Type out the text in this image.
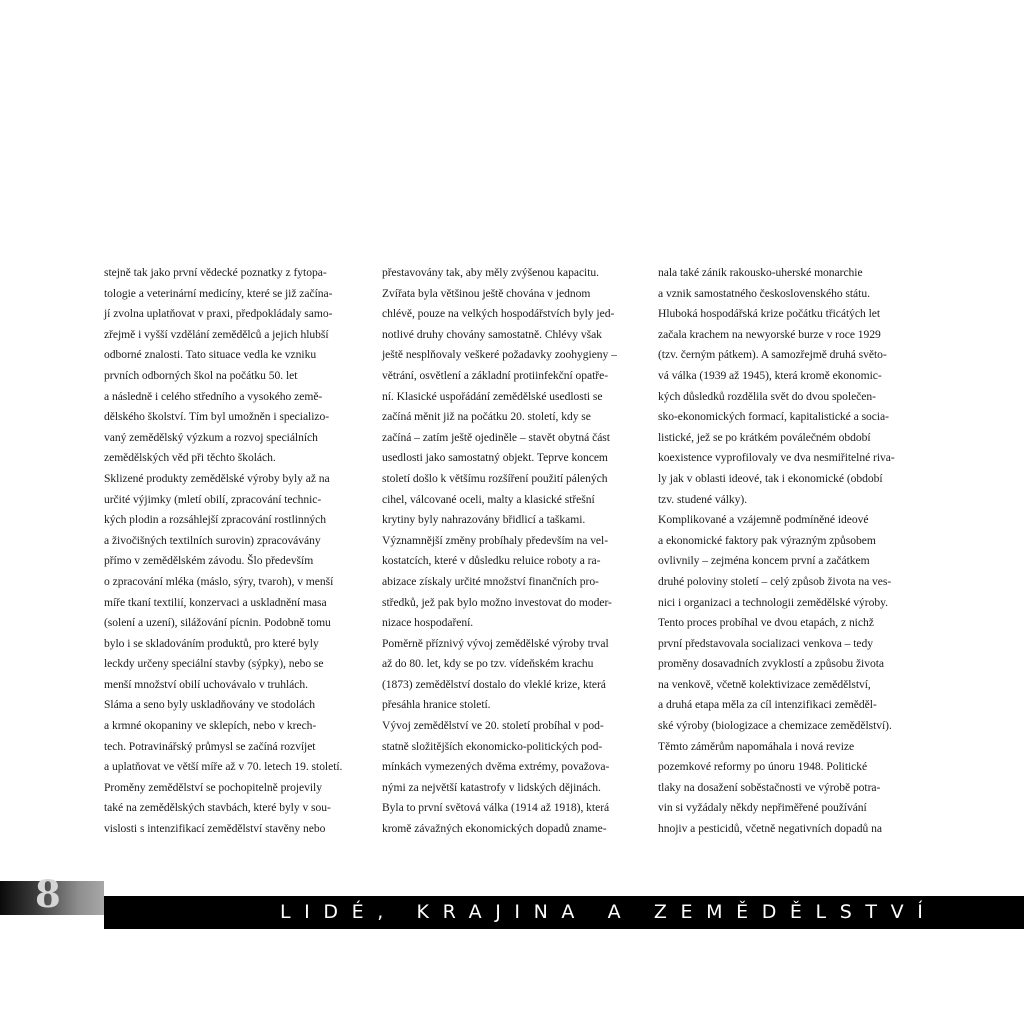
stejně tak jako první vědecké poznatky z fytopa-
tologie a veterinární medicíny, které se již začína-
jí zvolna uplatňovat v praxi, předpokládaly samo-
zřejmě i vyšší vzdělání zemědělců a jejich hlubší
odborné znalosti. Tato situace vedla ke vzniku
prvních odborných škol na počátku 50. let
a následně i celého středního a vysokého země-
dělského školství. Tím byl umožněn i specializo-
vaný zemědělský výzkum a rozvoj speciálních
zemědělských věd při těchto školách.
Sklizené produkty zemědělské výroby byly až na
určité výjimky (mletí obilí, zpracování technic-
kých plodin a rozsáhlejší zpracování rostlinných
a živočišných textilních surovin) zpracovávány
přímo v zemědělském závodu. Šlo především
o zpracování mléka (máslo, sýry, tvaroh), v menší
míře tkaní textilií, konzervaci a uskladnění masa
(solení a uzení), silážování pícnin. Podobně tomu
bylo i se skladováním produktů, pro které byly
leckdy určeny speciální stavby (sýpky), nebo se
menší množství obilí uchovávalo v truhlách.
Sláma a seno byly uskladňovány ve stodolách
a krmné okopaniny ve sklepích, nebo v krech-
tech. Potravinářský průmysl se začíná rozvíjet
a uplatňovat ve větší míře až v 70. letech 19. století.
Proměny zemědělství se pochopitelně projevily
také na zemědělských stavbách, které byly v sou-
vislosti s intenzifikací zemědělství stavěny nebo
přestavovány tak, aby měly zvýšenou kapacitu.
Zvířata byla většinou ještě chována v jednom
chlévě, pouze na velkých hospodářstvích byly jed-
notlivé druhy chovány samostatně. Chlévy však
ještě nesplňovaly veškeré požadavky zoohygieny –
větrání, osvětlení a základní protiinfekční opatře-
ní. Klasické uspořádání zemědělské usedlosti se
začíná měnit již na počátku 20. století, kdy se
začíná – zatím ještě ojediněle – stavět obytná část
usedlosti jako samostatný objekt. Teprve koncem
století došlo k většímu rozšíření použití pálených
cihel, válcované oceli, malty a klasické střešní
krytiny byly nahrazovány břidlicí a taškami.
Významnější změny probíhaly především na vel-
kostatcích, které v důsledku reluice roboty a ra-
abizace získaly určité množství finančních pro-
středků, jež pak bylo možno investovat do moder-
nizace hospodaření.
Poměrně příznivý vývoj zemědělské výroby trval
až do 80. let, kdy se po tzv. vídeňském krachu
(1873) zemědělství dostalo do vleklé krize, která
přesáhla hranice století.
Vývoj zemědělství ve 20. století probíhal v pod-
statně složitějších ekonomicko-politických pod-
mínkách vymezených dvěma extrémy, považova-
nými za největší katastrofy v lidských dějinách.
Byla to první světová válka (1914 až 1918), která
kromě závažných ekonomických dopadů zname-
nala také zánik rakousko-uherské monarchie
a vznik samostatného československého státu.
Hluboká hospodářská krize počátku třicátých let
začala krachem na newyorské burze v roce 1929
(tzv. černým pátkem). A samozřejmě druhá světo-
vá válka (1939 až 1945), která kromě ekonomic-
kých důsledků rozdělila svět do dvou společen-
sko-ekonomických formací, kapitalistické a socia-
listické, jež se po krátkém poválečném období
koexistence vyprofilovaly ve dva nesmiřitelné riva-
ly jak v oblasti ideové, tak i ekonomické (období
tzv. studené války).
Komplikované a vzájemně podmíněné ideové
a ekonomické faktory pak výrazným způsobem
ovlivnily – zejména koncem první a začátkem
druhé poloviny století – celý způsob života na ves-
nici i organizaci a technologii zemědělské výroby.
Tento proces probíhal ve dvou etapách, z nichž
první představovala socializaci venkova – tedy
proměny dosavadních zvyklostí a způsobu života
na venkově, včetně kolektivizace zemědělství,
a druhá etapa měla za cíl intenzifikaci zeměděl-
ské výroby (biologizace a chemizace zemědělství).
Těmto záměrům napomáhala i nová revize
pozemkové reformy po únoru 1948. Politické
tlaky na dosažení soběstačnosti ve výrobě potra-
vin si vyžádaly někdy nepřiměřené používání
hnojiv a pesticidů, včetně negativních dopadů na
LIDÉ, KRAJINA A ZEMĚDĚLSTVÍ
8
